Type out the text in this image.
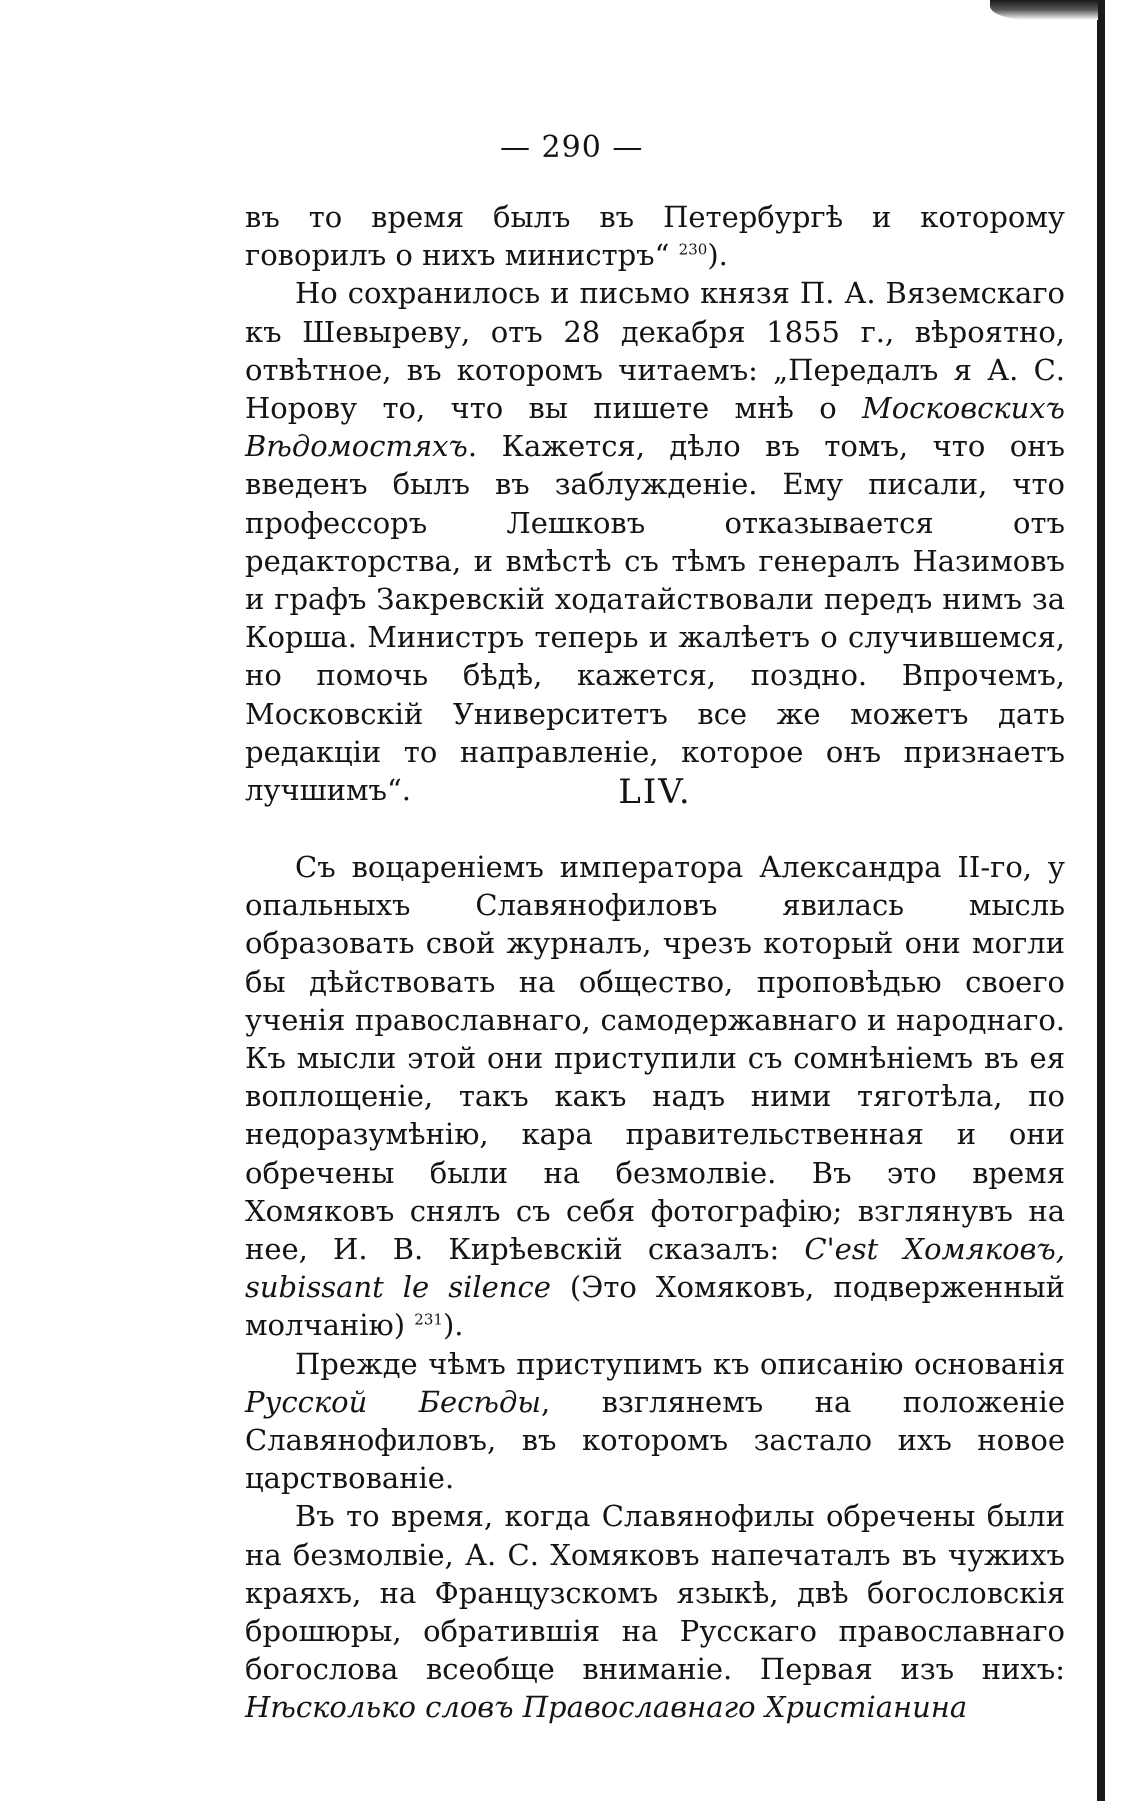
— 290 —

въ то время былъ въ Петербургѣ и которому говорилъ о нихъ министръ“ $^{230}$).

Но сохранилось и письмо князя П. А. Вяземскаго къ Шевыреву, отъ 28 декабря 1855 г., вѣроятно, отвѣтное, въ которомъ читаемъ: „Передалъ я А. С. Норову то, что вы пишете мнѣ о Московскихъ Вѣдомостяхъ. Кажется, дѣло въ томъ, что онъ введенъ былъ въ заблужденіе. Ему писали, что профессоръ Лешковъ отказывается отъ редакторства, и вмѣстѣ съ тѣмъ генералъ Назимовъ и графъ Закревскій ходатайствовали передъ нимъ за Корша. Министръ теперь и жалѣетъ о случившемся, но помочь бѣдѣ, кажется, поздно. Впрочемъ, Московскій Университетъ все же можетъ дать редакціи то направленіе, которое онъ признаетъ лучшимъ“.	LIV.

Съ воцареніемъ императора Александра II-го, у опальныхъ Славянофиловъ явилась мысль образовать свой журналъ, чрезъ который они могли бы дѣйствовать на общество, проповѣдью своего ученія православнаго, самодержавнаго и народнаго. Къ мысли этой они приступили съ сомнѣніемъ въ ея воплощеніе, такъ какъ надъ ними тяготѣла, по недоразумѣнію, кара правительственная и они обречены были на безмолвіе. Въ это время Хомяковъ снялъ съ себя фотографію; взглянувъ на нее, И. В. Кирѣевскій сказалъ: C'est Хомяковъ, subissant le silence (Это Хомяковъ, подверженный молчанію) $^{231}$).

Прежде чѣмъ приступимъ къ описанію основанія Русской Бесѣды, взглянемъ на положеніе Славянофиловъ, въ которомъ застало ихъ новое царствованіе.

Въ то время, когда Славянофилы обречены были на безмолвіе, А. С. Хомяковъ напечаталъ въ чужихъ краяхъ, на Французскомъ языкѣ, двѣ богословскія брошюры, обратившія на Русскаго православнаго богослова всеобще вниманіе. Первая изъ нихъ: Нѣсколько словъ Православнаго Христіанина
